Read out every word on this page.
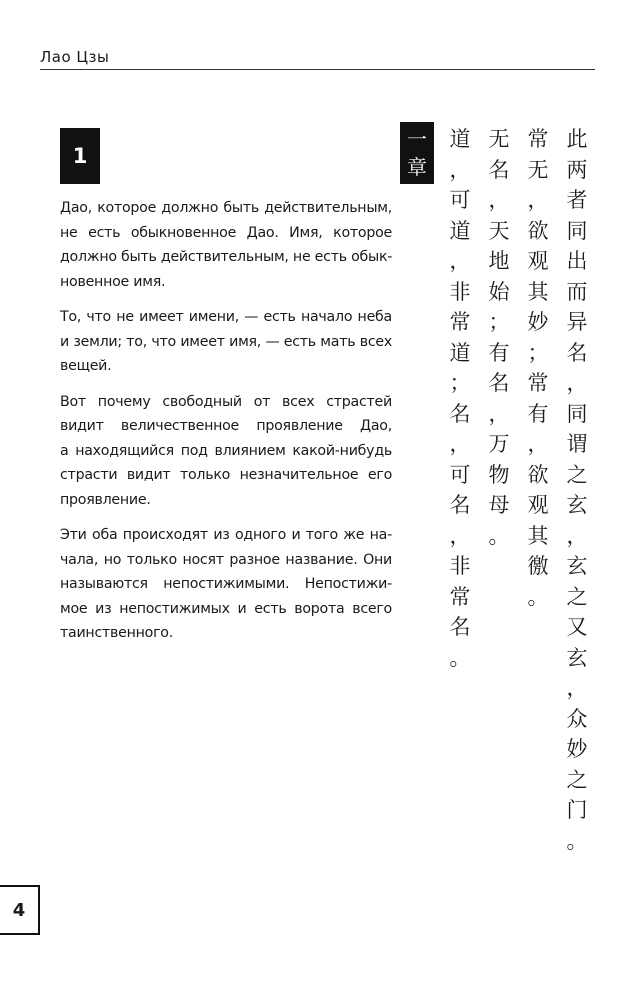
Лао Цзы
1

Дао, которое должно быть действительным,
не есть обыкновенное Дао. Имя, которое
должно быть действительным, не есть обык-
новенное имя.

То, что не имеет имени, — есть начало неба
и земли; то, что имеет имя, — есть мать всех
вещей.

Вот почему свободный от всех страстей
видит величественное проявление Дао,
а находящийся под влиянием какой-нибудь
страсти видит только незначительное его
проявление.

Эти оба происходят из одного и того же на-
чала, но только носят разное название. Они
называются непостижимыми. Непостижи-
мое из непостижимых и есть ворота всего
таинственного.

一
章
道
，
可
道
，
非
常
道
；
名
，
可
名
，
非
常
名
。
无
名
，
天
地
始
；
有
名
，
万
物
母
。
常
无
，
欲
观
其
妙
；
常
有
，
欲
观
其
徼
。
此
两
者
同
出
而
异
名
，
同
谓
之
玄
，
玄
之
又
玄
，
众
妙
之
门
。
4
